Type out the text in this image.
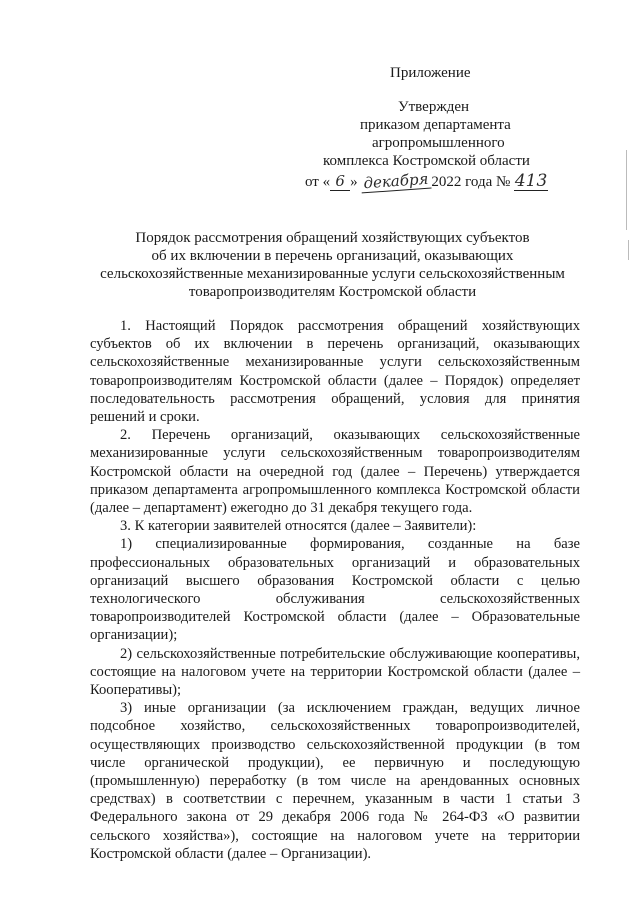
Приложение
Утвержден
приказом департамента
агропромышленного
комплекса Костромской области
от « 6 » декабря 2022 года № 413
Порядок рассмотрения обращений хозяйствующих субъектов
об их включении в перечень организаций, оказывающих
сельскохозяйственные механизированные услуги сельскохозяйственным
товаропроизводителям Костромской области

1. Настоящий Порядок рассмотрения обращений хозяйствующих субъектов об их включении в перечень организаций, оказывающих сельскохозяйственные механизированные услуги сельскохозяйственным товаропроизводителям Костромской области (далее – Порядок) определяет последовательность рассмотрения обращений, условия для принятия решений и сроки.

2. Перечень организаций, оказывающих сельскохозяйственные механизированные услуги сельскохозяйственным товаропроизводителям Костромской области на очередной год (далее – Перечень) утверждается приказом департамента агропромышленного комплекса Костромской области (далее – департамент) ежегодно до 31 декабря текущего года.

3. К категории заявителей относятся (далее – Заявители):

1) специализированные формирования, созданные на базе профессиональных образовательных организаций и образовательных организаций высшего образования Костромской области с целью технологического обслуживания сельскохозяйственных товаропроизводителей Костромской области (далее – Образовательные организации);

2) сельскохозяйственные потребительские обслуживающие кооперативы, состоящие на налоговом учете на территории Костромской области (далее – Кооперативы);

3) иные организации (за исключением граждан, ведущих личное подсобное хозяйство, сельскохозяйственных товаропроизводителей, осуществляющих производство сельскохозяйственной продукции (в том числе органической продукции), ее первичную и последующую (промышленную) переработку (в том числе на арендованных основных средствах) в соответствии с перечнем, указанным в части 1 статьи 3 Федерального закона от 29 декабря 2006 года № 264-ФЗ «О развитии сельского хозяйства»), состоящие на налоговом учете на территории Костромской области (далее – Организации).
